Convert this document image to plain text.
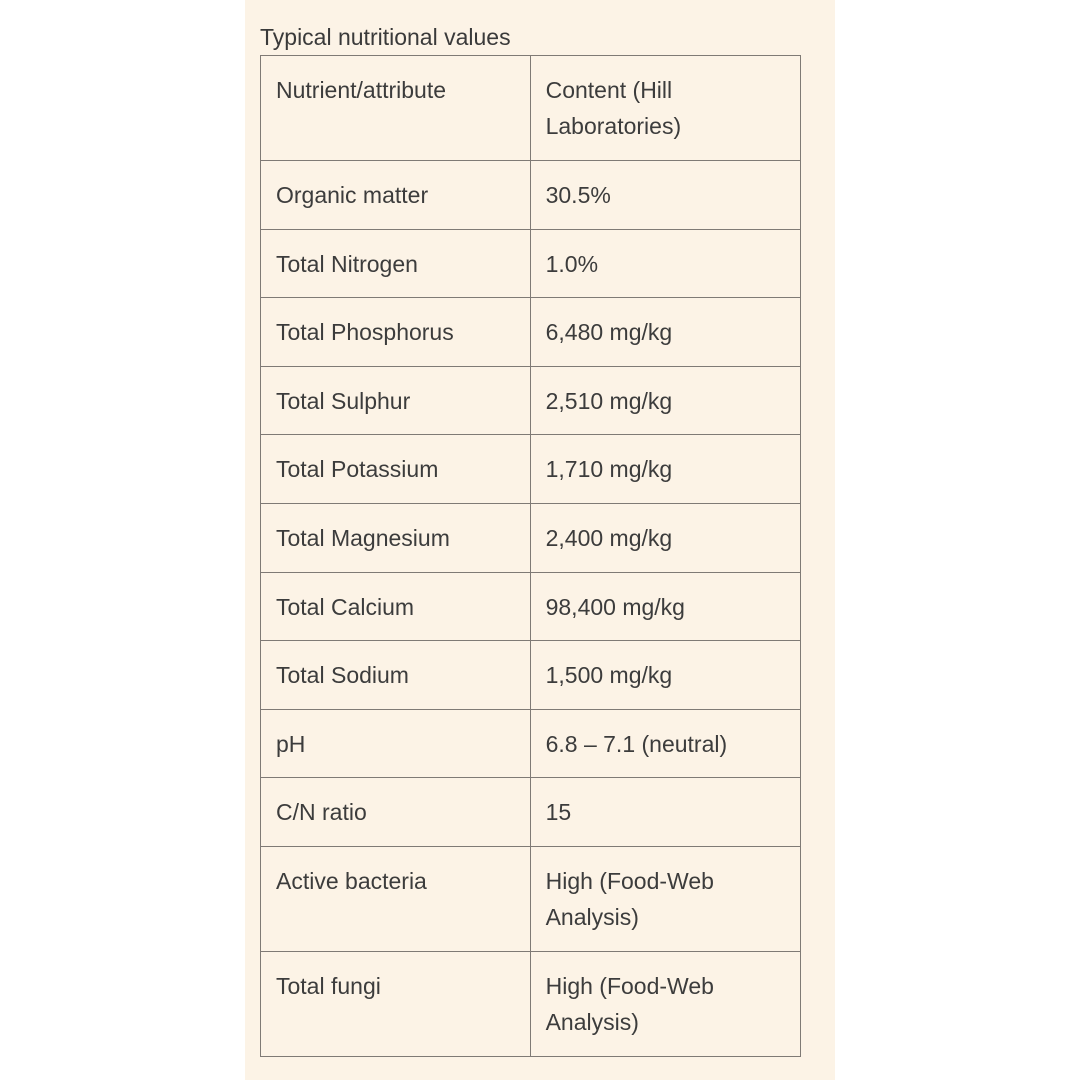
Typical nutritional values
Nutrient/attribute	Content (Hill Laboratories)
Organic matter	30.5%
Total Nitrogen	1.0%
Total Phosphorus	6,480 mg/kg
Total Sulphur	2,510 mg/kg
Total Potassium	1,710 mg/kg
Total Magnesium	2,400 mg/kg
Total Calcium	98,400 mg/kg
Total Sodium	1,500 mg/kg
pH	6.8 – 7.1 (neutral)
C/N ratio	15
Active bacteria	High (Food-Web Analysis)
Total fungi	High (Food-Web Analysis)
